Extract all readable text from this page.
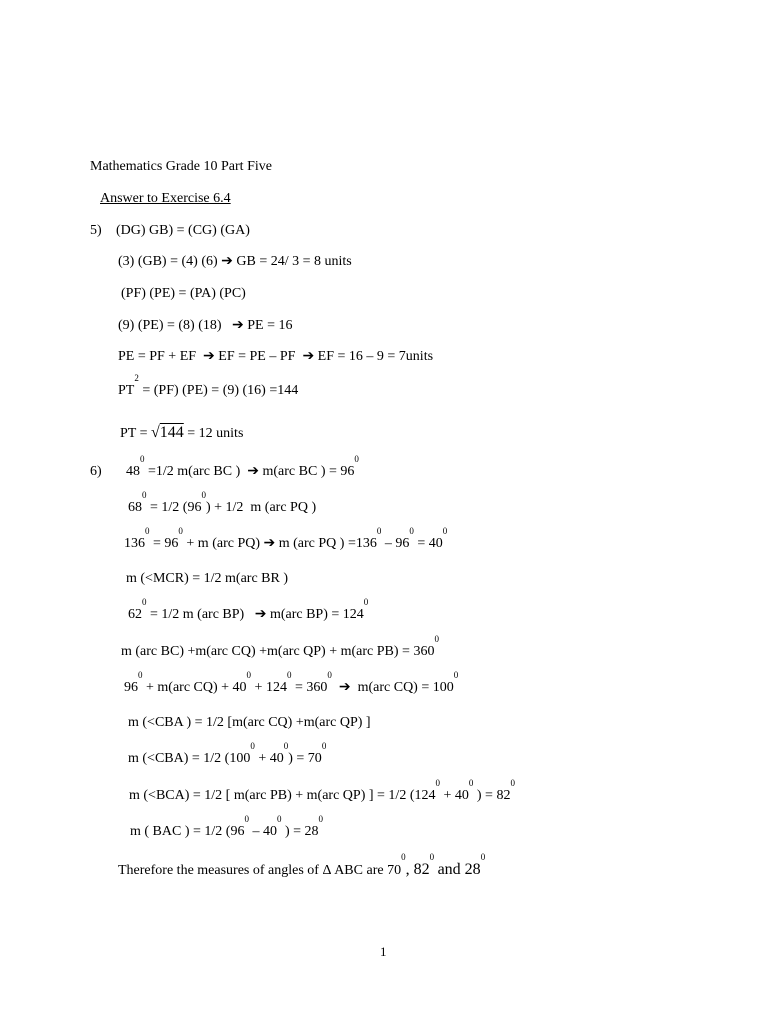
Mathematics Grade 10 Part Five
Answer to Exercise 6.4
5) (DG) GB) = (CG) (GA)
(3) (GB) = (4) (6) ➔ GB = 24/ 3 = 8 units
(PF) (PE) = (PA) (PC)
(9) (PE) = (8) (18) ➔ PE = 16
PE = PF + EF ➔ EF = PE – PF ➔ EF = 16 – 9 = 7units
$PT^2 = (PF) (PE) = (9)$ (16) =144
PT = √144 = 12 units
6) $48^0 =1/2$ m(arc BC )  ➔ m(arc BC ) = $96^0$
$68^0 = 1/2$ $(96^0) + 1/2$  m (arc PQ )
$136^0 = 96^0 + m$ (arc PQ) ➔ m (arc PQ ) $=136^0 - 96^0 = 40^0$
m (<MCR) = 1/2 m(arc BR )
$62^0 = 1/2$ m (arc BP)   ➔ m(arc $BP) = 124^0$
m (arc BC) +m(arc CQ) +m(arc QP) + m(arc $PB) = 360^0$
$96^0 + m(arc$ $CQ) + 40^0 + 124^0 = 360^0$  ➔  m(arc $CQ) = 100^0$
m (<CBA ) = 1/2 [m(arc CQ) +m(arc QP) ]
m (<CBA) = 1/2 $(100^0 + 40^0) = 70^0$
m (<BCA) = 1/2 [ m(arc PB) + m(arc QP) ] = 1/2 ($124^0 + 40^0$ ) = $82^0$
m ( BAC ) = 1/2 ($96^0 - 40^0$ ) = $28^0$
Therefore the measures of angles of Δ ABC are $70^0$, $82^0$ and $28^0$
1
